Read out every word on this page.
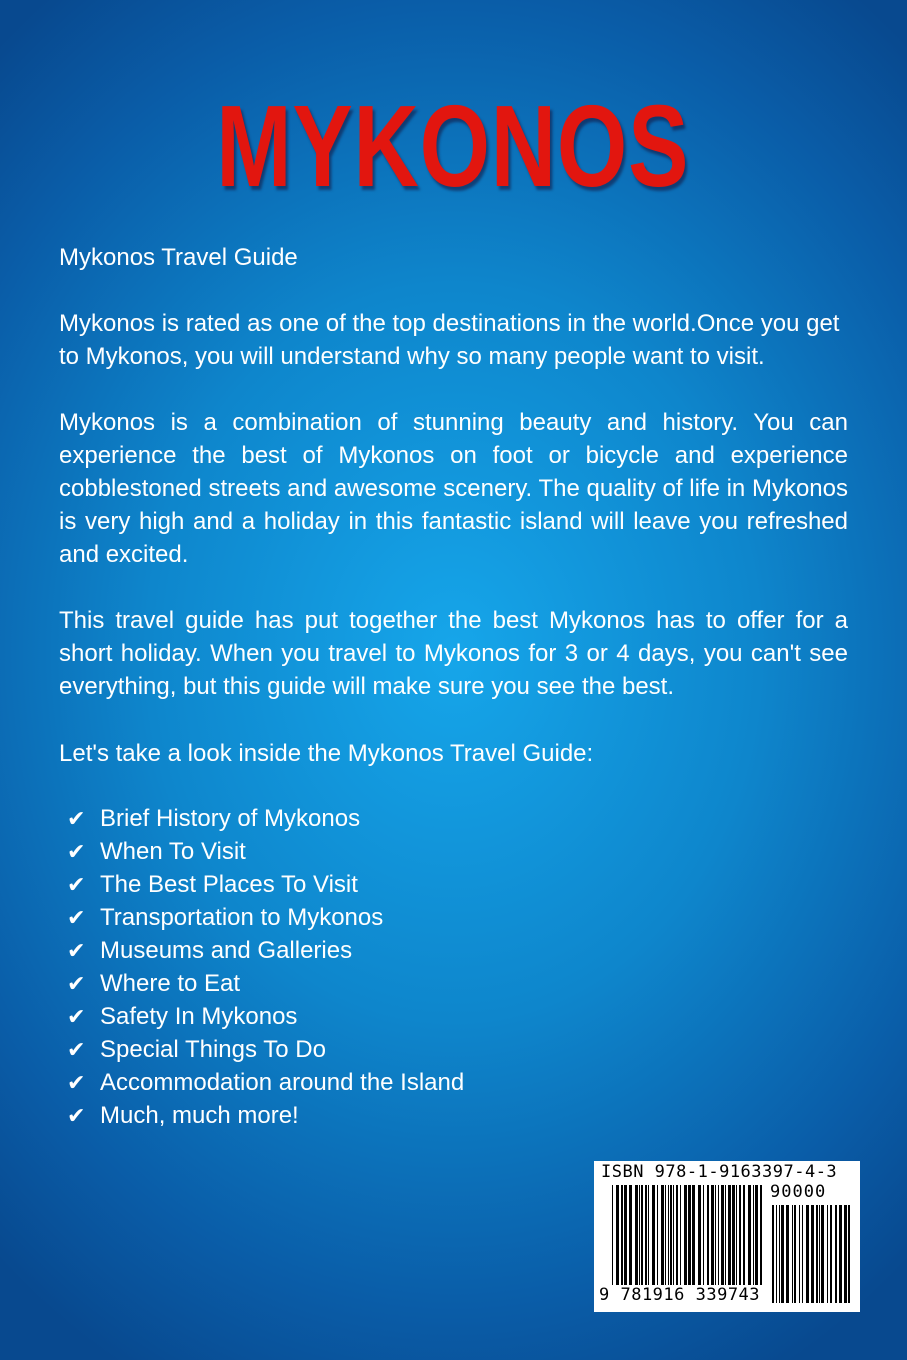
MYKONOS
Mykonos Travel Guide
Mykonos is rated as one of the top destinations in the world.Once you get to Mykonos, you will understand why so many people want to visit.
Mykonos is a combination of stunning beauty and history. You can experience the best of Mykonos on foot or bicycle and experience cobblestoned streets and awesome scenery. The quality of life in Mykonos is very high and a holiday in this fantastic island will leave you refreshed and excited.
This travel guide has put together the best Mykonos has to offer for a short holiday. When you travel to Mykonos for 3 or 4 days, you can't see everything, but this guide will make sure you see the best.
Let's take a look inside the Mykonos Travel Guide:
✔ Brief History of Mykonos
✔ When To Visit
✔ The Best Places To Visit
✔ Transportation to Mykonos
✔ Museums and Galleries
✔ Where to Eat
✔ Safety In Mykonos
✔ Special Things To Do
✔ Accommodation around the Island
✔ Much, much more!
ISBN 978-1-9163397-4-3
90000
9 781916 339743
